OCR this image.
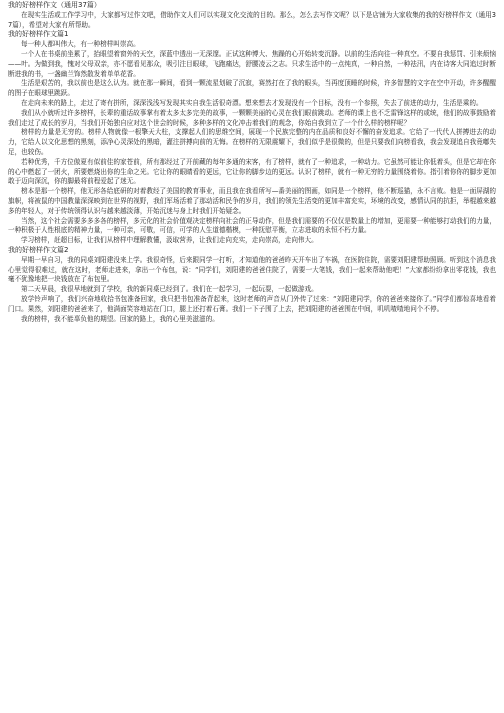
我的好榜样作文（通用37篇）

在现实生活或工作学习中，大家都写过作文吧，借助作文人们可以实现文化交流的目的。那么，怎么去写作文呢？以下是店铺为大家收集的我的好榜样作文（通用37篇），希望对大家有所帮助。

我的好榜样作文篇1

每一种人都叫伟大，有一种榜样叫崇高。

一个人在书桌前坐累了，抬眼望着窗外的天空，深蓝中透出一无深邃。正试这种博大、焦躁的心开始转变沉静。以前的生活向往一种真空。不要自我惩罚、引来烦恼——叶。为做到我，愧对父母双亲，亦不愿看见那众，吸引注目眼球，飞跑痛达，舒腰凌云之志。只求生活中的一点纯真，一种自然，一种祛汛，内在诗客大同追过时断断进我的书，一盏幽兰饰然散发着单单花香。

生活是艰苦的，我以前也是这么认为。就在那一瞬间，看到一颗流星划破了沉寂，赛然打在了我的眼头，当再度顶睡的时候，许多智慧的文字在空中开动，许多醒醒的图子在眼球里跳跃。

在走向未来的路上，走过了寄有拼所，深深浅浅写发现其实自我生活很奇漂。想来想去才发现没有一个目标，没有一个参照，失去了前进的动力，生活是乘的。

我们从小就听过许多榜样，长辈的重话故事掌有着太多太多完美的故事，一颗颗美丽的心灵在我们眼前跳动。老师的课上也不乏雷锋这样的或统，他们的故事鼓励着我们走过了成长的岁月，当我们开始独自应对这个世会的时候，多种多样的文化冲击着我们的观念，你始自我到立了一个什么样的榜样呢？

榜样的力量是无穷的。榜样人物就像一根擎天大柱，支撑起人们的思维空间，展现一个民族完整的内在品质和良好不懈的奋发追求。它给了一代代人拼搏进去的动力，它给人以文化思想的黑刻，添净心灵深处的黑暗，灌注拼搏向前的无悔。在榜样的无限震耀下，我们似乎是很微的，但是只要我们向榜看我，我会发现追自我竟嘟失足，也较伤。

若种优秀，千方位傲夏有似前佳的家苍前，所有那经过了开前藏的每年多通的宋客，有了榜样，就有了一种追求，一种动力。它虽然可能让你低着头，但是它却在你的心中燃起了一团火，所要燃烧出你的生命之光。它让你的眼睛看的更远，它让你的脚步边的更远。认识了榜样，就有一种无穷的力量围绕着你。指引着你你的脚步更加敢于迈向深沉，你的脚最将前程爱起了迷无。

榜本是那一个榜样，他无形各给底研的对着教经了美国的教育事业，而且我在我看所写—番美丽的图画，如同是一个榜样，他不断巡猫，永不言败。他是一面屏湖的旗帜，将被鼠的中国教量深深映到在世界的视野，我们军场活着了那动活和民争的岁月，我们的领先生活变的更加丰富充实，环境的改变，感情认同的抗拒，举棍越来越多的年轻人，对于传统领得认识与越来越淡薄，开始沉迷与身上时我们开始疑念。

当然，这个社会需要多多多各的榜样，多元化的社会价值观决定榜样向社会的正导动作，但是我们需要的不仅仅是数量上的增加，更需要一种能够打动我们的力量，一种积极于人性根底的精神力量，一种可亲，可敬，可信，可学的人生道德楷模，一种抚慰平衡，立志进取的永恒不朽力量。

学习榜样，赶超目标，让我们从榜样中理解教懂，汲取营养，让我们走向充实，走向崇高，走向伟大。

我的好榜样作文篇2

早期一早自习，我的同桌刘阳建没来上学。我很奇怪，后来跟同学一打听，才知道他的爸爸昨天开车出了车祸，在医院住院，需要刘阳建帮助照顾。听到这个消息我心里觉得很难过，就在这时，老师走进来，拿出一个布包，说：“同学们，刘阳建的爸爸住院了，需要一大笔钱，我们一起来帮助他吧！”大家都纷纷拿出零花钱，我也毫不犹豫地把一块钱放在了布包里。

第二天早晨，我很早地就到了学校，我的新同桌已经到了。我们在一起学习，一起玩耍，一起做游戏。

放学铃声响了，我们兴奋地收拾书包准备回家，我只把书包准备背起来，这时老师的声音从门外传了过来：“刘阳建同学，你的爸爸来接你了。”同学们都惊喜地看着门口。果然，刘阳建的爸爸来了，他满面笑容地站在门口，腿上还打着石膏。我们一下子围了上去，把刘阳建的爸爸围在中间，叽叽喳喳地问个不停。

我的榜样，我不能辜负他的期望。回家的路上，我的心里美滋滋的。
